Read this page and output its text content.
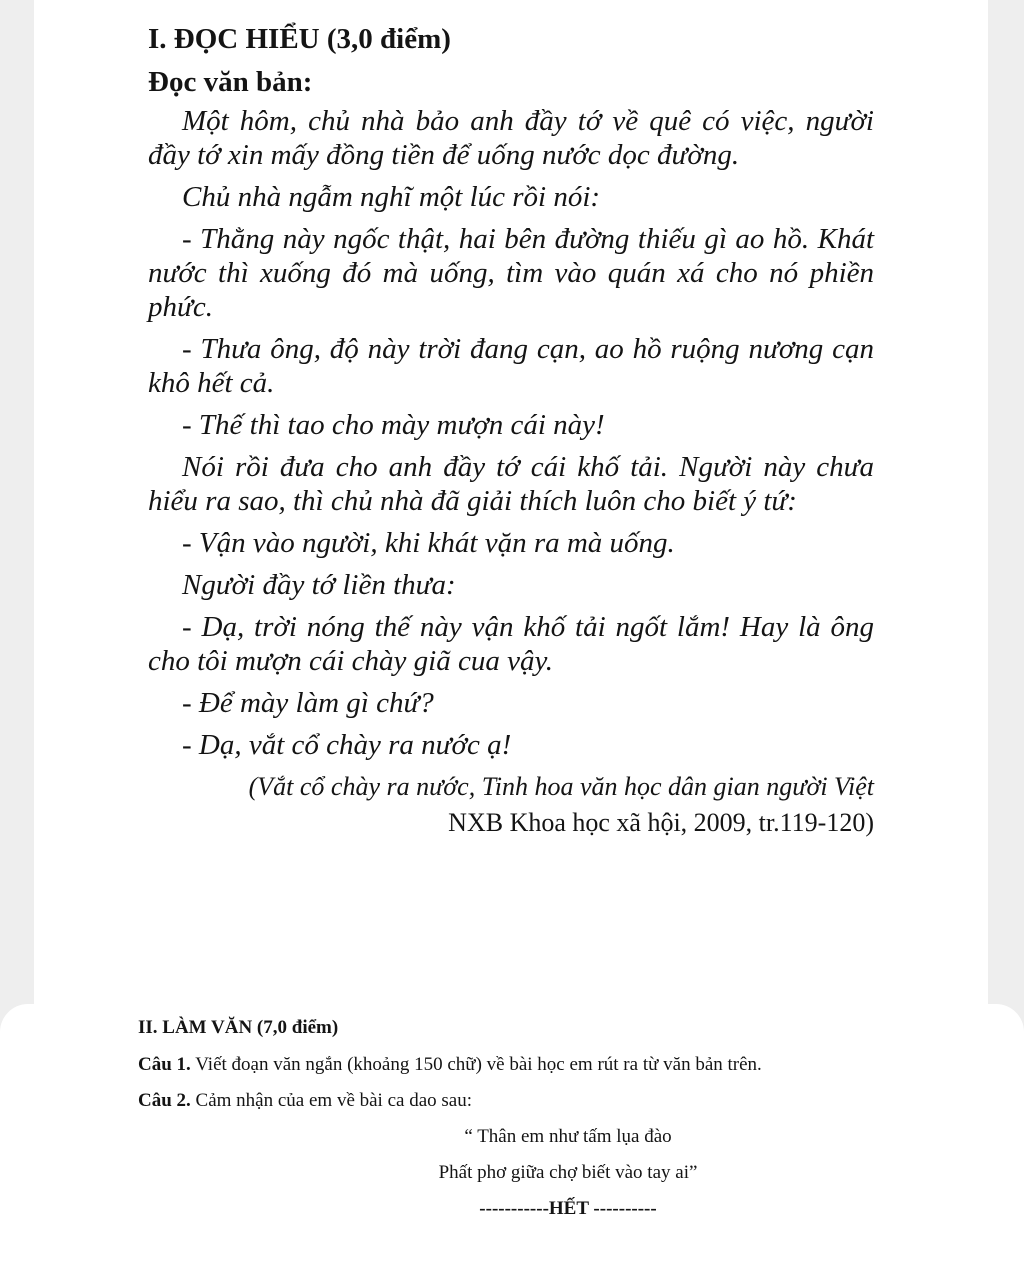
I. ĐỌC HIỂU (3,0 điểm)

Đọc văn bản:

Một hôm, chủ nhà bảo anh đầy tớ về quê có việc, người đầy tớ xin mấy đồng tiền để uống nước dọc đường.

Chủ nhà ngẫm nghĩ một lúc rồi nói:

- Thằng này ngốc thật, hai bên đường thiếu gì ao hồ. Khát nước thì xuống đó mà uống, tìm vào quán xá cho nó phiền phức.

- Thưa ông, độ này trời đang cạn, ao hồ ruộng nương cạn khô hết cả.

- Thế thì tao cho mày mượn cái này!

Nói rồi đưa cho anh đầy tớ cái khố tải. Người này chưa hiểu ra sao, thì chủ nhà đã giải thích luôn cho biết ý tứ:

- Vận vào người, khi khát vặn ra mà uống.

Người đầy tớ liền thưa:

- Dạ, trời nóng thế này vận khố tải ngốt lắm! Hay là ông cho tôi mượn cái chày giã cua vậy.

- Để mày làm gì chứ?

- Dạ, vắt cổ chày ra nước ạ!

(Vắt cổ chày ra nước, Tinh hoa văn học dân gian người Việt

NXB Khoa học xã hội, 2009, tr.119-120)

II. LÀM VĂN (7,0 điểm)

Câu 1. Viết đoạn văn ngắn (khoảng 150 chữ) về bài học em rút ra từ văn bản trên.

Câu 2. Cảm nhận của em về bài ca dao sau:

“ Thân em như tấm lụa đào

Phất phơ giữa chợ biết vào tay ai”

-----------HẾT ----------
